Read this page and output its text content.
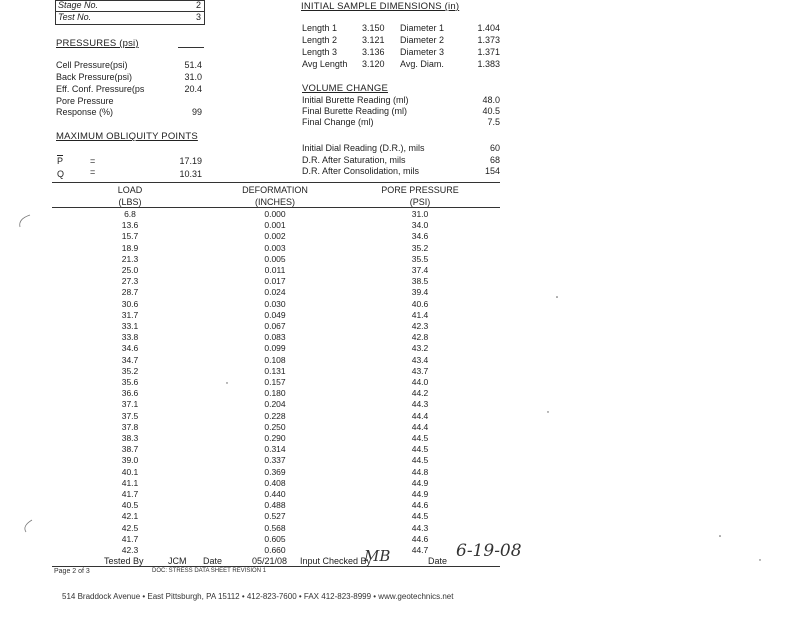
Stage No.	2
Test No.	3
PRESSURES (psi)
Cell Pressure(psi)	51.4
Back Pressure(psi)	31.0
Eff. Conf. Pressure(ps	20.4
Pore Pressure
Response (%)	99
MAXIMUM OBLIQUITY POINTS
$\overline{P}$	=	17.19
Q	=	10.31
INITIAL SAMPLE DIMENSIONS (in)
Length 1	3.150 Diameter 1	1.404
Length 2	3.121 Diameter 2	1.373
Length 3	3.136 Diameter 3	1.371
Avg Length 3.120 Avg. Diam.	1.383
VOLUME CHANGE
Initial Burette Reading (ml)	48.0
Final Burette Reading (ml)	40.5
Final Change (ml)	7.5
Initial Dial Reading (D.R.), mils	60
D.R. After Saturation, mils	68
D.R. After Consolidation, mils	154
LOAD
(LBS)
DEFORMATION
(INCHES)
PORE PRESSURE
(PSI)
6.8	0.000	31.0
13.6	0.001	34.0
15.7	0.002	34.6
18.9	0.003	35.2
21.3	0.005	35.5
25.0	0.011	37.4
27.3	0.017	38.5
28.7	0.024	39.4
30.6	0.030	40.6
31.7	0.049	41.4
33.1	0.067	42.3
33.8	0.083	42.8
34.6	0.099	43.2
34.7	0.108	43.4
35.2	0.131	43.7
35.6	0.157	44.0
36.6	0.180	44.2
37.1	0.204	44.3
37.5	0.228	44.4
37.8	0.250	44.4
38.3	0.290	44.5
38.7	0.314	44.5
39.0	0.337	44.5
40.1	0.369	44.8
41.1	0.408	44.9
41.7	0.440	44.9
40.5	0.488	44.6
42.1	0.527	44.5
42.5	0.568	44.3
41.7	0.605	44.6
42.3	0.660	44.7
Tested By	JCM Date	05/21/08 Input Checked By
MB	Date 6-19-08
Page 2 of 3	DOC: STRESS DATA SHEET REVISION 1
514 Braddock Avenue • East Pittsburgh, PA 15112 • 412-823-7600 • FAX 412-823-8999 • www.geotechnics.net
